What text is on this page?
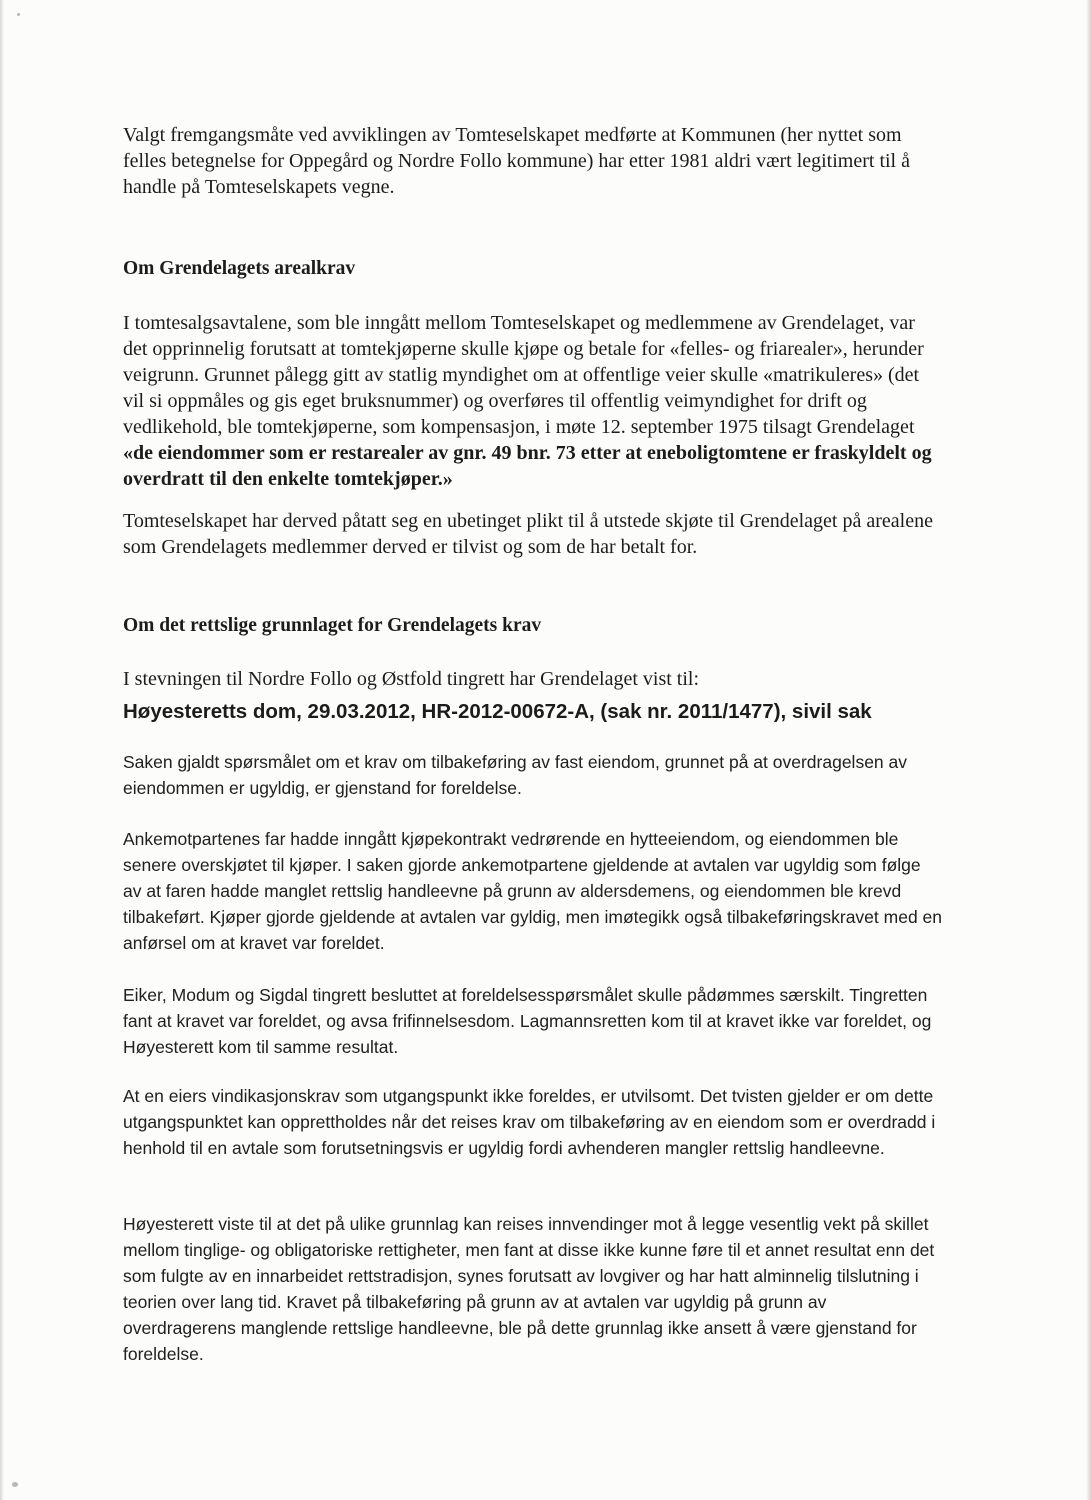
Valgt fremgangsmåte ved avviklingen av Tomteselskapet medførte at Kommunen (her nyttet som felles betegnelse for Oppegård og Nordre Follo kommune) har etter 1981 aldri vært legitimert til å handle på Tomteselskapets vegne.

Om Grendelagets arealkrav

I tomtesalgsavtalene, som ble inngått mellom Tomteselskapet og medlemmene av Grendelaget, var det opprinnelig forutsatt at tomtekjøperne skulle kjøpe og betale for «felles- og friarealer», herunder veigrunn. Grunnet pålegg gitt av statlig myndighet om at offentlige veier skulle «matrikuleres» (det vil si oppmåles og gis eget bruksnummer) og overføres til offentlig veimyndighet for drift og vedlikehold, ble tomtekjøperne, som kompensasjon, i møte 12. september 1975 tilsagt Grendelaget «de eiendommer som er restarealer av gnr. 49 bnr. 73 etter at eneboligtomtene er fraskyldelt og overdratt til den enkelte tomtekjøper.»

Tomteselskapet har derved påtatt seg en ubetinget plikt til å utstede skjøte til Grendelaget på arealene som Grendelagets medlemmer derved er tilvist og som de har betalt for.

Om det rettslige grunnlaget for Grendelagets krav

I stevningen til Nordre Follo og Østfold tingrett har Grendelaget vist til:

Høyesteretts dom, 29.03.2012, HR-2012-00672-A, (sak nr. 2011/1477), sivil sak

Saken gjaldt spørsmålet om et krav om tilbakeføring av fast eiendom, grunnet på at overdragelsen av eiendommen er ugyldig, er gjenstand for foreldelse.

Ankemotpartenes far hadde inngått kjøpekontrakt vedrørende en hytteeiendom, og eiendommen ble senere overskjøtet til kjøper. I saken gjorde ankemotpartene gjeldende at avtalen var ugyldig som følge av at faren hadde manglet rettslig handleevne på grunn av aldersdemens, og eiendommen ble krevd tilbakeført. Kjøper gjorde gjeldende at avtalen var gyldig, men imøtegikk også tilbakeføringskravet med en anførsel om at kravet var foreldet.

Eiker, Modum og Sigdal tingrett besluttet at foreldelsesspørsmålet skulle pådømmes særskilt. Tingretten fant at kravet var foreldet, og avsa frifinnelsesdom. Lagmannsretten kom til at kravet ikke var foreldet, og Høyesterett kom til samme resultat.

At en eiers vindikasjonskrav som utgangspunkt ikke foreldes, er utvilsomt. Det tvisten gjelder er om dette utgangspunktet kan opprettholdes når det reises krav om tilbakeføring av en eiendom som er overdradd i henhold til en avtale som forutsetningsvis er ugyldig fordi avhenderen mangler rettslig handleevne.

Høyesterett viste til at det på ulike grunnlag kan reises innvendinger mot å legge vesentlig vekt på skillet mellom tinglige- og obligatoriske rettigheter, men fant at disse ikke kunne føre til et annet resultat enn det som fulgte av en innarbeidet rettstradisjon, synes forutsatt av lovgiver og har hatt alminnelig tilslutning i teorien over lang tid. Kravet på tilbakeføring på grunn av at avtalen var ugyldig på grunn av overdragerens manglende rettslige handleevne, ble på dette grunnlag ikke ansett å være gjenstand for foreldelse.
